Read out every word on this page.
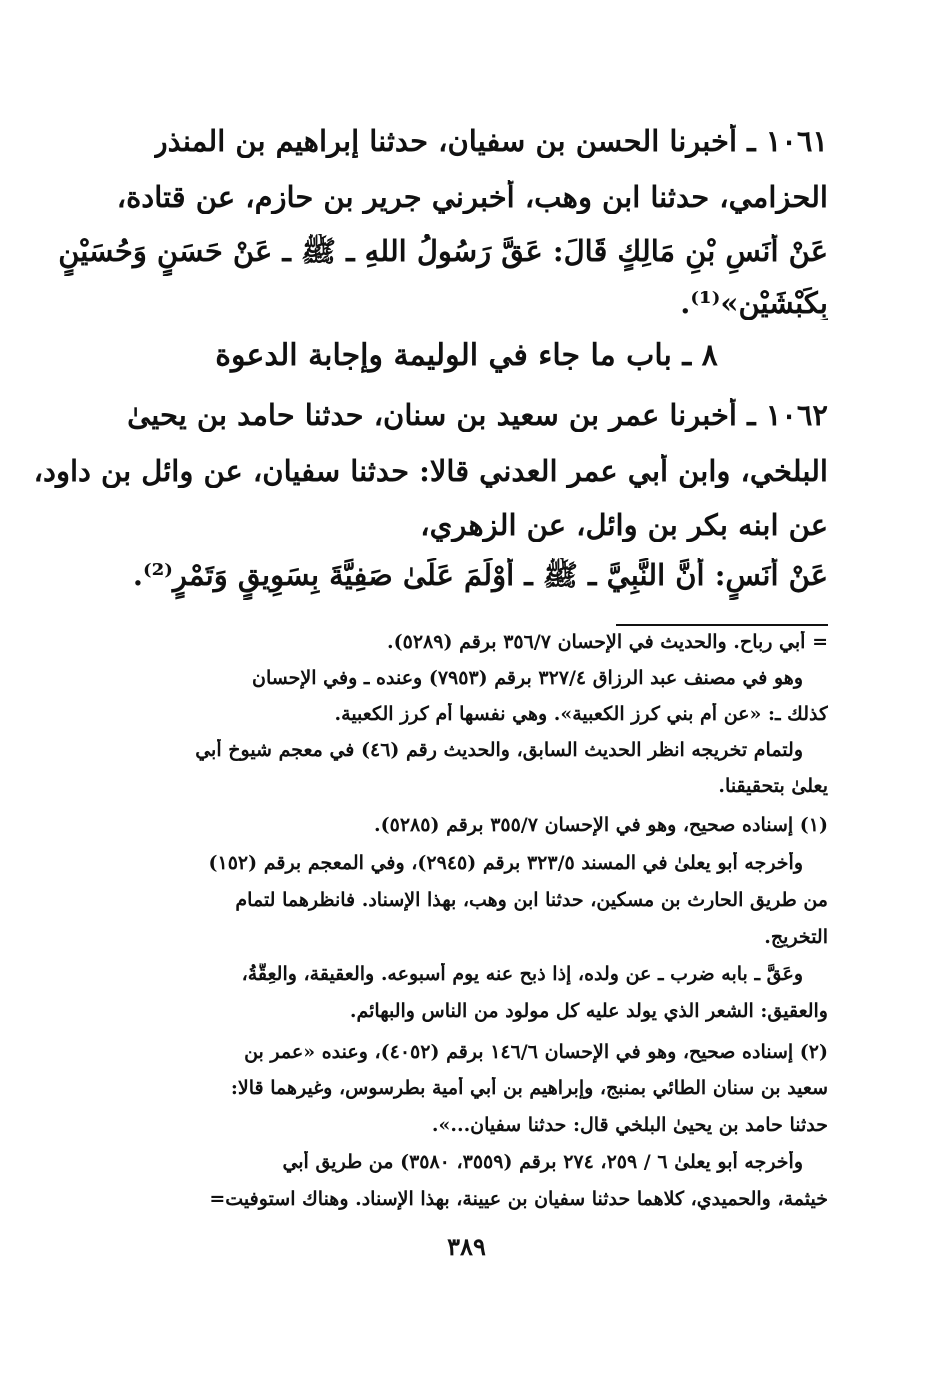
١٠٦١ ـ أخبرنا الحسن بن سفيان، حدثنا إبراهيم بن المنذر
الحزامي، حدثنا ابن وهب، أخبرني جرير بن حازم، عن قتادة،
عَنْ أَنَسِ بْنِ مَالِكٍ قَالَ: عَقَّ رَسُولُ اللهِ ـ ﷺ ـ عَنْ حَسَنٍ وَحُسَيْنٍ
بِكَبْشَيْنِ»⁽¹⁾.
٨ ـ باب ما جاء في الوليمة وإجابة الدعوة
١٠٦٢ ـ أخبرنا عمر بن سعيد بن سنان، حدثنا حامد بن يحيىٰ
البلخي، وابن أبي عمر العدني قالا: حدثنا سفيان، عن وائل بن داود،
عن ابنه بكر بن وائل، عن الزهري،
عَنْ أَنَسٍ: أَنَّ النَّبِيَّ ـ ﷺ ـ أَوْلَمَ عَلَىٰ صَفِيَّةَ بِسَوِيقٍ وَتَمْرٍ⁽²⁾.
= أبي رباح. والحديث في الإحسان ٣٥٦/٧ برقم (٥٢٨٩).
وهو في مصنف عبد الرزاق ٣٢٧/٤ برقم (٧٩٥٣) وعنده ـ وفي الإحسان
كذلك ـ: «عن أم بني كرز الكعبية». وهي نفسها أم كرز الكعبية.
ولتمام تخريجه انظر الحديث السابق، والحديث رقم (٤٦) في معجم شيوخ أبي
يعلىٰ بتحقيقنا.
(١) إسناده صحيح، وهو في الإحسان ٣٥٥/٧ برقم (٥٢٨٥).
وأخرجه أبو يعلىٰ في المسند ٣٢٣/٥ برقم (٢٩٤٥)، وفي المعجم برقم (١٥٢)
من طريق الحارث بن مسكين، حدثنا ابن وهب، بهذا الإسناد. فانظرهما لتمام
التخريج.
وعَقَّ ـ بابه ضرب ـ عن ولده، إذا ذبح عنه يوم أسبوعه. والعقيقة، والعِقَّةُ،
والعقيق: الشعر الذي يولد عليه كل مولود من الناس والبهائم.
(٢) إسناده صحيح، وهو في الإحسان ١٤٦/٦ برقم (٤٠٥٢)، وعنده «عمر بن
سعيد بن سنان الطائي بمنبج، وإبراهيم بن أبي أمية بطرسوس، وغيرهما قالا:
حدثنا حامد بن يحيىٰ البلخي قال: حدثنا سفيان...».
وأخرجه أبو يعلىٰ ٦ / ٢٥٩، ٢٧٤ برقم (٣٥٥٩، ٣٥٨٠) من طريق أبي
خيثمة، والحميدي، كلاهما حدثنا سفيان بن عيينة، بهذا الإسناد. وهناك استوفيت=
٣٨٩
